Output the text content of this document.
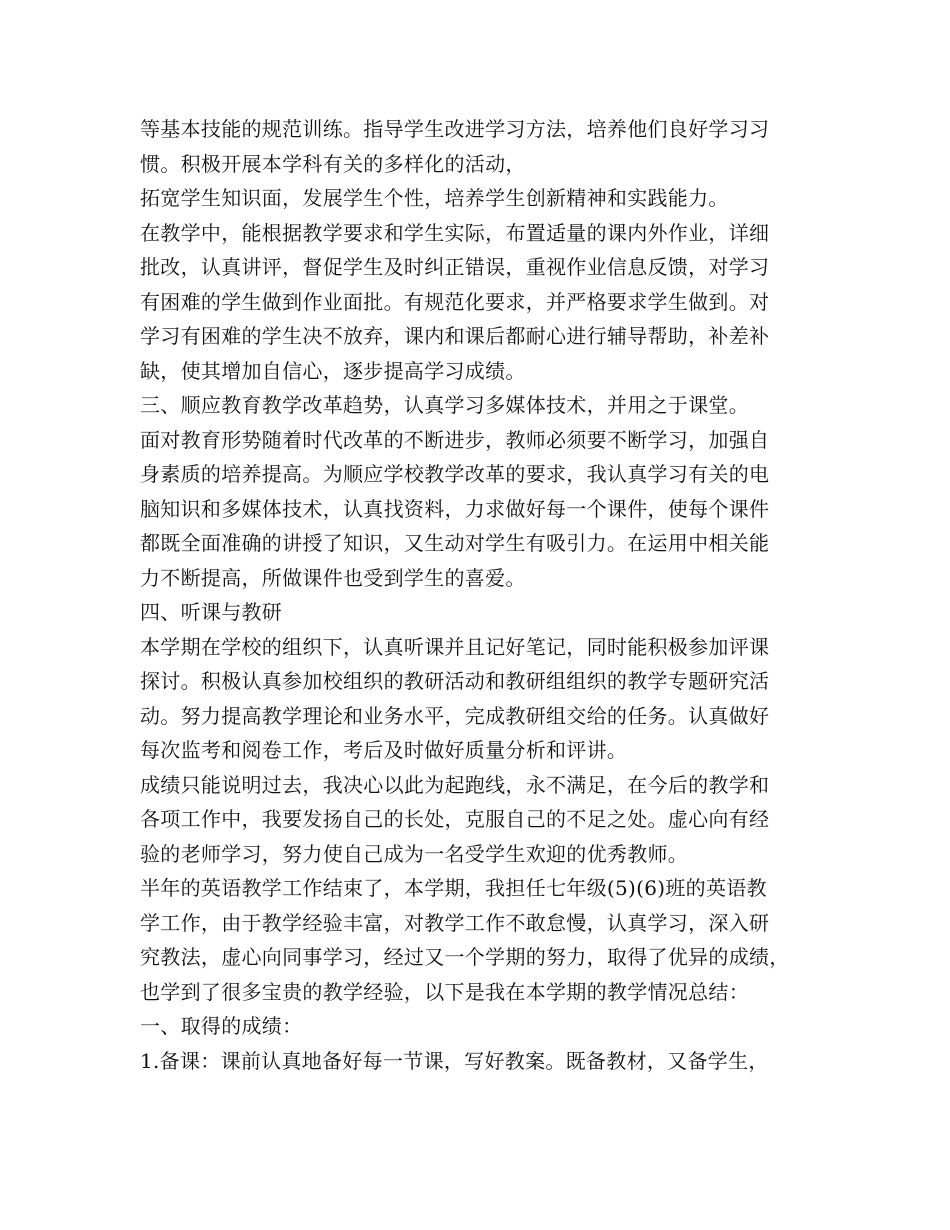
等基本技能的规范训练。指导学生改进学习方法，培养他们良好学习习
惯。积极开展本学科有关的多样化的活动，
拓宽学生知识面，发展学生个性，培养学生创新精神和实践能力。
在教学中，能根据教学要求和学生实际，布置适量的课内外作业，详细
批改，认真讲评，督促学生及时纠正错误，重视作业信息反馈，对学习
有困难的学生做到作业面批。有规范化要求，并严格要求学生做到。对
学习有困难的学生决不放弃，课内和课后都耐心进行辅导帮助，补差补
缺，使其增加自信心，逐步提高学习成绩。
三、顺应教育教学改革趋势，认真学习多媒体技术，并用之于课堂。
面对教育形势随着时代改革的不断进步，教师必须要不断学习，加强自
身素质的培养提高。为顺应学校教学改革的要求，我认真学习有关的电
脑知识和多媒体技术，认真找资料，力求做好每一个课件，使每个课件
都既全面准确的讲授了知识，又生动对学生有吸引力。在运用中相关能
力不断提高，所做课件也受到学生的喜爱。
四、听课与教研
本学期在学校的组织下，认真听课并且记好笔记，同时能积极参加评课
探讨。积极认真参加校组织的教研活动和教研组组织的教学专题研究活
动。努力提高教学理论和业务水平，完成教研组交给的任务。认真做好
每次监考和阅卷工作，考后及时做好质量分析和评讲。
成绩只能说明过去，我决心以此为起跑线，永不满足，在今后的教学和
各项工作中，我要发扬自己的长处，克服自己的不足之处。虚心向有经
验的老师学习，努力使自己成为一名受学生欢迎的优秀教师。
半年的英语教学工作结束了，本学期，我担任七年级(5)(6)班的英语教
学工作，由于教学经验丰富，对教学工作不敢怠慢，认真学习，深入研
究教法，虚心向同事学习，经过又一个学期的努力，取得了优异的成绩，
也学到了很多宝贵的教学经验，以下是我在本学期的教学情况总结：
一、取得的成绩：
1.备课：课前认真地备好每一节课，写好教案。既备教材，又备学生，
